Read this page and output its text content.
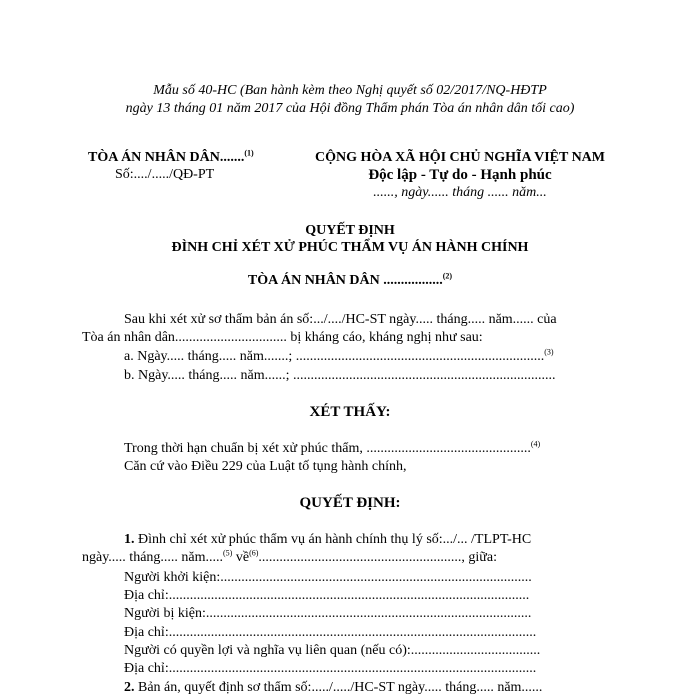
Mẫu số 40-HC (Ban hành kèm theo Nghị quyết số 02/2017/NQ-HĐTP
ngày 13 tháng 01 năm 2017 của Hội đồng Thẩm phán Tòa án nhân dân tối cao)
TÒA ÁN NHÂN DÂN.......$^{(1)}$
Số:..../...../QĐ-PT
CỘNG HÒA XÃ HỘI CHỦ NGHĨA VIỆT NAM
Độc lập - Tự do - Hạnh phúc
......, ngày...... tháng ...... năm...
QUYẾT ĐỊNH
ĐÌNH CHỈ XÉT XỬ PHÚC THẨM VỤ ÁN HÀNH CHÍNH
TÒA ÁN NHÂN DÂN .................$^{(2)}$
Sau khi xét xử sơ thẩm bản án số:.../..../HC-ST ngày..... tháng..... năm...... của
Tòa án nhân dân................................ bị kháng cáo, kháng nghị như sau:
a. Ngày..... tháng..... năm.......; .......................................................................$^{(3)}$
b. Ngày..... tháng..... năm......; ...........................................................................
XÉT THẤY:
Trong thời hạn chuẩn bị xét xử phúc thẩm, ...............................................$^{(4)}$
Căn cứ vào Điều 229 của Luật tố tụng hành chính,
QUYẾT ĐỊNH:
1. Đình chỉ xét xử phúc thẩm vụ án hành chính thụ lý số:.../... /TLPT-HC
ngày..... tháng..... năm.....$^{(5)}$ về$^{(6)}$.........................................................., giữa:
Người khởi kiện:.........................................................................................
Địa chỉ:.......................................................................................................
Người bị kiện:.............................................................................................
Địa chỉ:.........................................................................................................
Người có quyền lợi và nghĩa vụ liên quan (nếu có):.....................................
Địa chỉ:.........................................................................................................
2. Bản án, quyết định sơ thẩm số:...../...../HC-ST ngày..... tháng..... năm......
